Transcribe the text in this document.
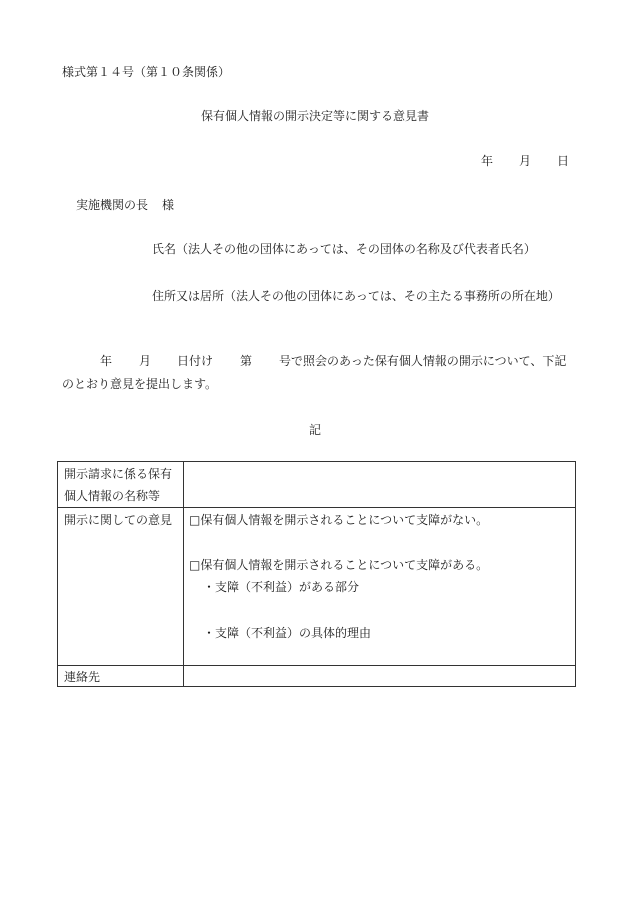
様式第１４号（第１０条関係）
保有個人情報の開示決定等に関する意見書
年 月 日
実施機関の長 様
氏名（法人その他の団体にあっては、その団体の名称及び代表者氏名）
住所又は居所（法人その他の団体にあっては、その主たる事務所の所在地）
年 月 日付け 第 号で照会のあった保有個人情報の開示について、下記
のとおり意見を提出します。
記
開示請求に係る保有
個人情報の名称等
開示に関しての意見 □保有個人情報を開示されることについて支障がない。
□保有個人情報を開示されることについて支障がある。
・支障（不利益）がある部分
・支障（不利益）の具体的理由
連絡先
